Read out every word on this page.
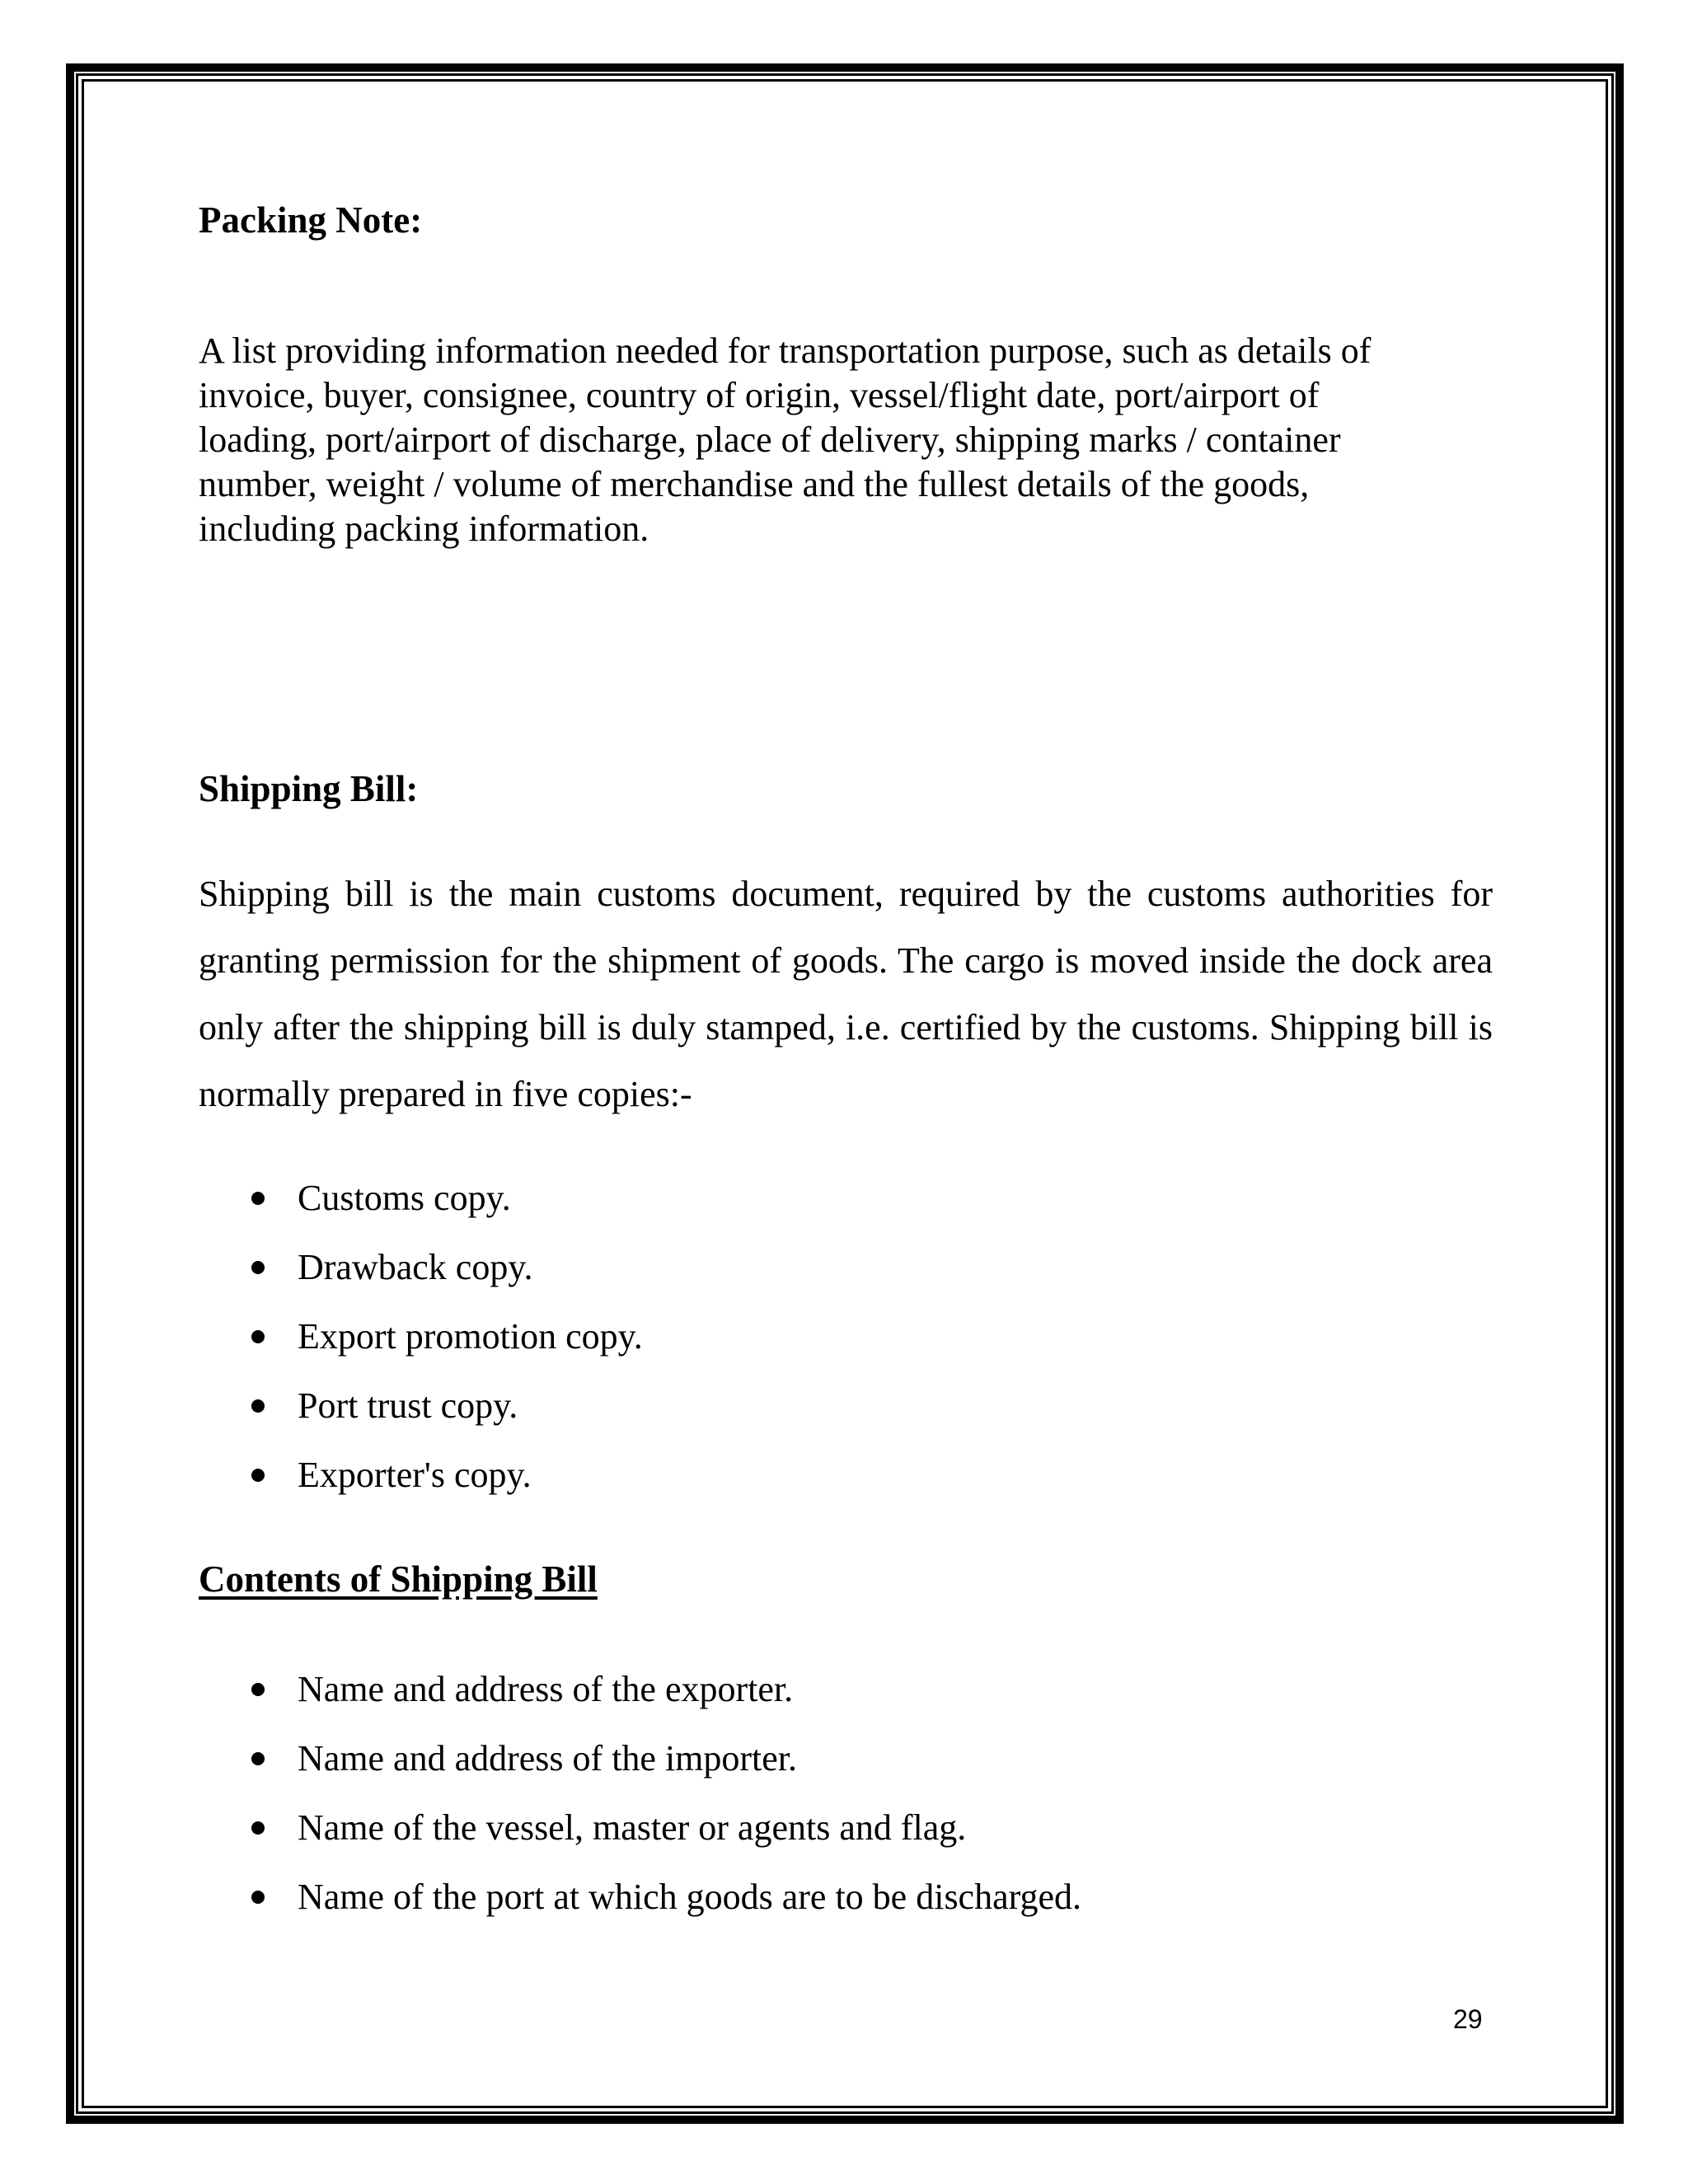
Packing Note:
A list providing information needed for transportation purpose, such as details of
invoice, buyer, consignee, country of origin, vessel/flight date, port/airport of
loading, port/airport of discharge, place of delivery, shipping marks / container
number, weight / volume of merchandise and the fullest details of the goods,
including packing information.
Shipping Bill:

Shipping bill is the main customs document, required by the customs authorities for granting permission for the shipment of goods. The cargo is moved inside the dock area only after the shipping bill is duly stamped, i.e. certified by the customs. Shipping bill is normally prepared in five copies:-

Customs copy.
Drawback copy.
Export promotion copy.
Port trust copy.
Exporter's copy.
Contents of Shipping Bill
Name and address of the exporter.
Name and address of the importer.
Name of the vessel, master or agents and flag.
Name of the port at which goods are to be discharged.
29
